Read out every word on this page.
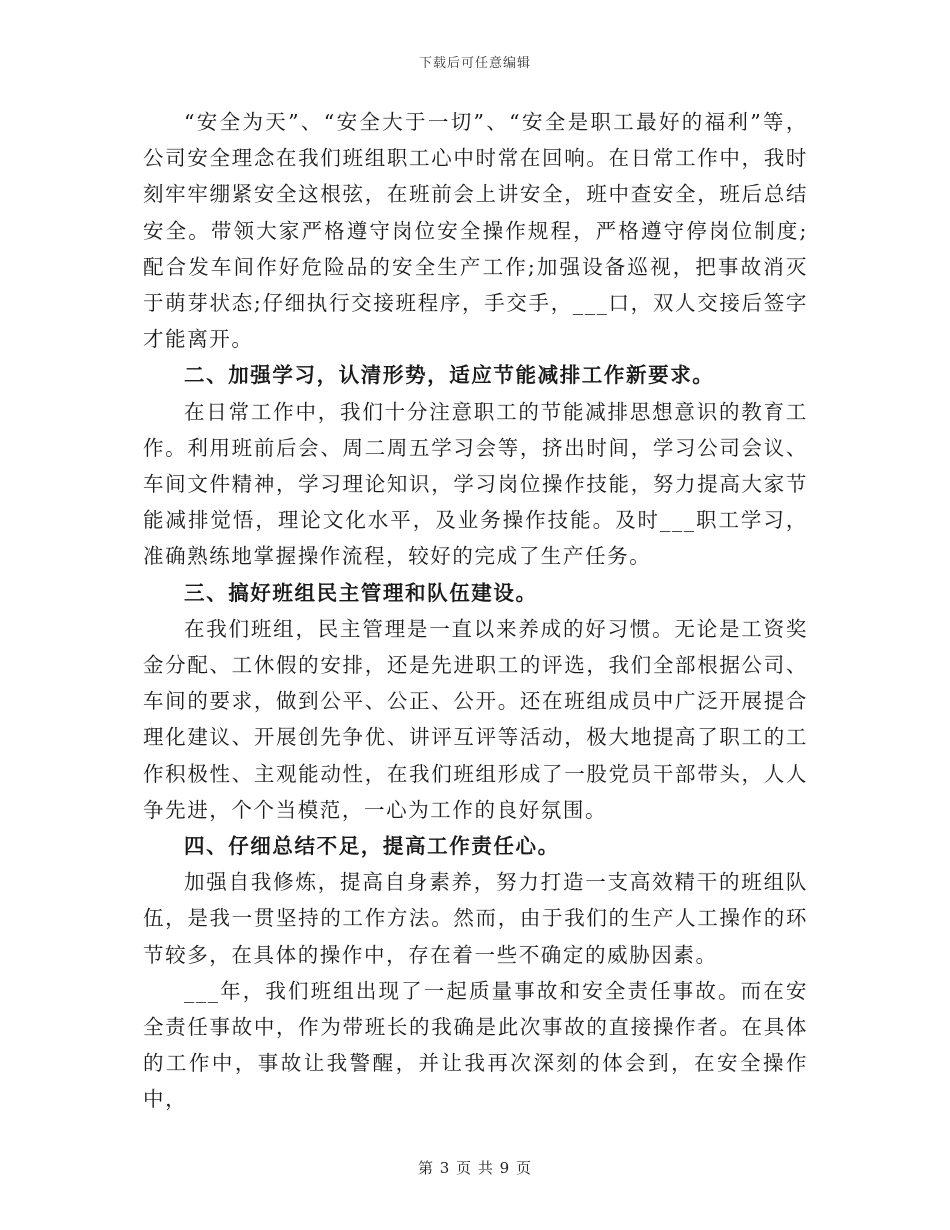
下载后可任意编辑

“安全为天”、“安全大于一切”、“安全是职工最好的福利”等，公司安全理念在我们班组职工心中时常在回响。在日常工作中，我时刻牢牢绷紧安全这根弦，在班前会上讲安全，班中查安全，班后总结安全。带领大家严格遵守岗位安全操作规程，严格遵守停岗位制度;配合发车间作好危险品的安全生产工作;加强设备巡视，把事故消灭于萌芽状态;仔细执行交接班程序，手交手，___口，双人交接后签字才能离开。

二、加强学习，认清形势，适应节能减排工作新要求。

在日常工作中，我们十分注意职工的节能减排思想意识的教育工作。利用班前后会、周二周五学习会等，挤出时间，学习公司会议、车间文件精神，学习理论知识，学习岗位操作技能，努力提高大家节能减排觉悟，理论文化水平，及业务操作技能。及时___职工学习，准确熟练地掌握操作流程，较好的完成了生产任务。

三、搞好班组民主管理和队伍建设。

在我们班组，民主管理是一直以来养成的好习惯。无论是工资奖金分配、工休假的安排，还是先进职工的评选，我们全部根据公司、车间的要求，做到公平、公正、公开。还在班组成员中广泛开展提合理化建议、开展创先争优、讲评互评等活动，极大地提高了职工的工作积极性、主观能动性，在我们班组形成了一股党员干部带头，人人争先进，个个当模范，一心为工作的良好氛围。

四、仔细总结不足，提高工作责任心。

加强自我修炼，提高自身素养，努力打造一支高效精干的班组队伍，是我一贯坚持的工作方法。然而，由于我们的生产人工操作的环节较多，在具体的操作中，存在着一些不确定的威胁因素。

___年，我们班组出现了一起质量事故和安全责任事故。而在安全责任事故中，作为带班长的我确是此次事故的直接操作者。在具体的工作中，事故让我警醒，并让我再次深刻的体会到，在安全操作中，

第 3 页 共 9 页
